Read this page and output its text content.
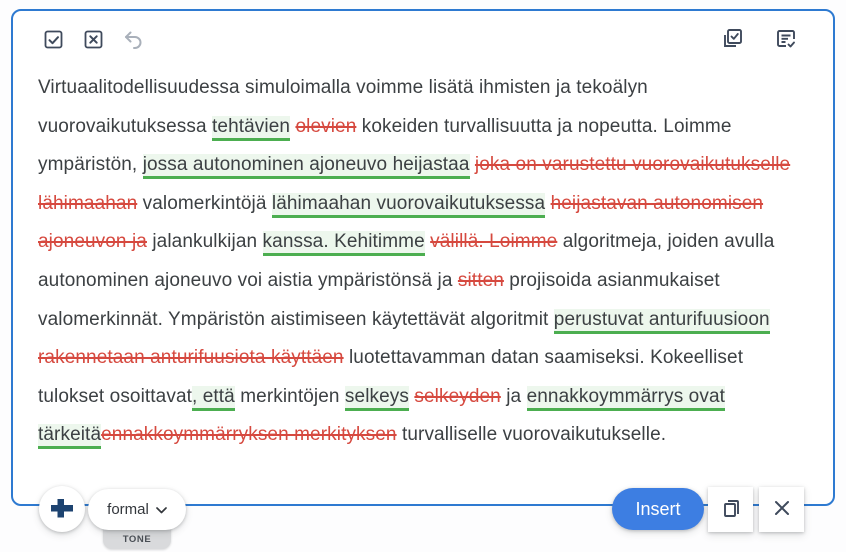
Virtuaalitodellisuudessa simuloimalla voimme lisätä ihmisten ja tekoälyn vuorovaikutuksessa tehtävien olevien kokeiden turvallisuutta ja nopeutta. Loimme ympäristön, jossa autonominen ajoneuvo heijastaa joka on varustettu vuorovaikutukselle lähimaahan valomerkintöjä lähimaahan vuorovaikutuksessa heijastavan autonomisen ajoneuvon ja jalankulkijan kanssa. Kehitimme välillä. Loimme algoritmeja, joiden avulla autonominen ajoneuvo voi aistia ympäristönsä ja sitten projisoida asianmukaiset valomerkinnät. Ympäristön aistimiseen käytettävät algoritmit perustuvat anturifuusioon rakennetaan anturifuusiota käyttäen luotettavamman datan saamiseksi. Kokeelliset tulokset osoittavat, että merkintöjen selkeys selkeyden ja ennakkoymmärrys ovat tärkeitäennakkoymmärryksen merkityksen turvalliselle vuorovaikutukselle.
formal
TONE
Insert
